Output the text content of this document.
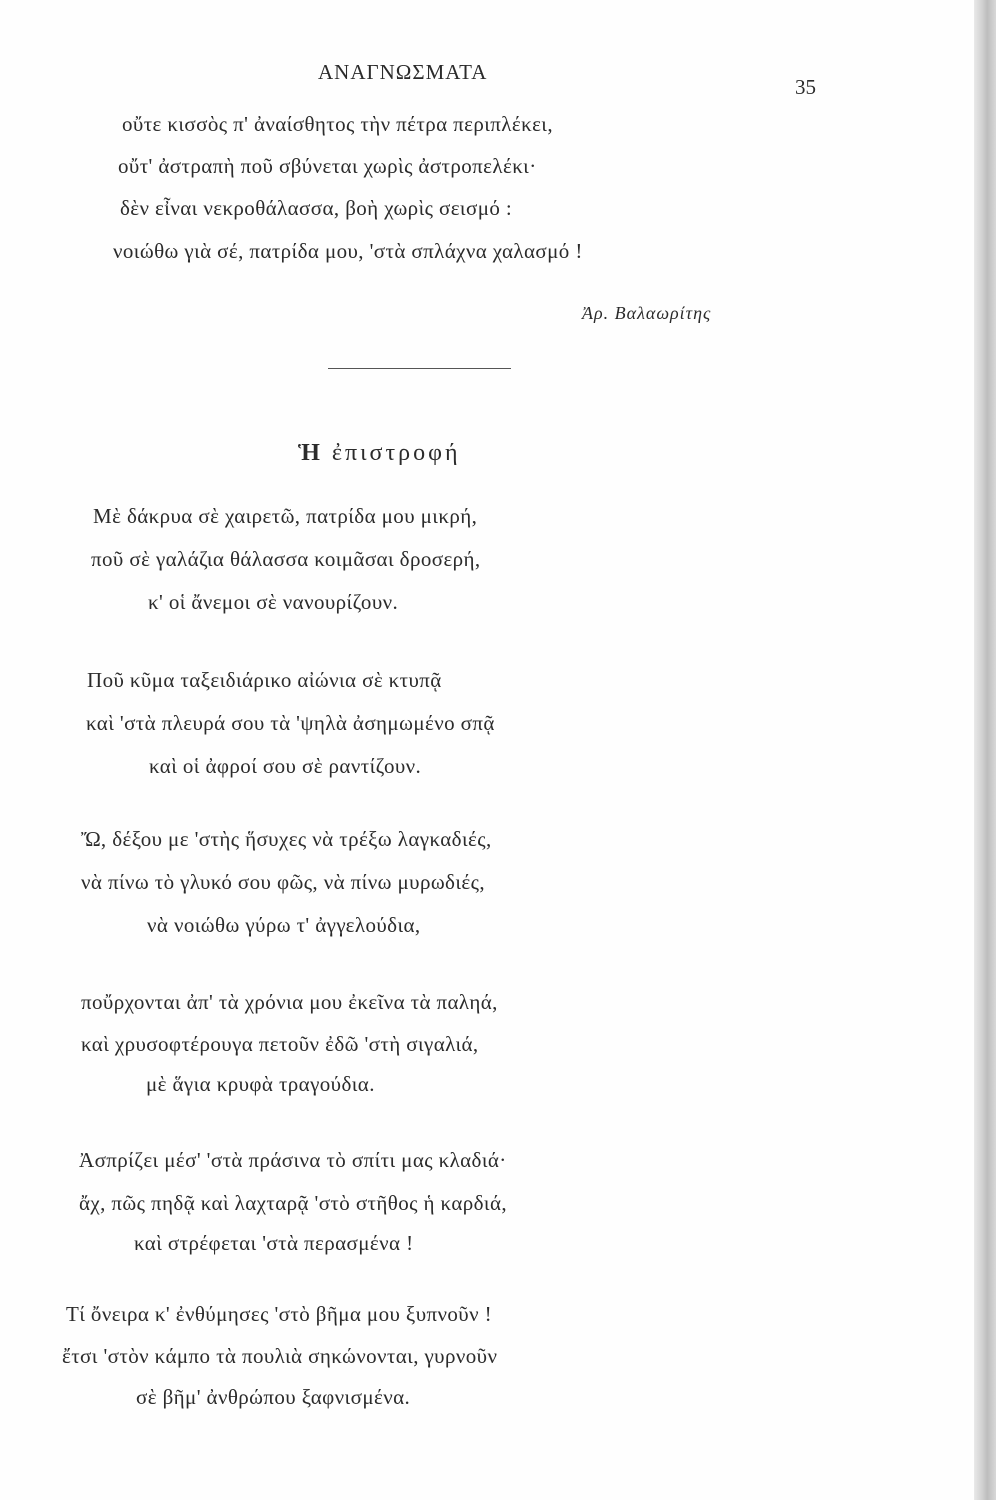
ΑΝΑΓΝΩΣΜΑΤΑ
35
οὔτε κισσὸς π' ἀναίσθητος τὴν πέτρα περιπλέκει,
οὔτ' ἀστραπὴ ποῦ σβύνεται χωρὶς ἀστροπελέκι·
δὲν εἶναι νεκροθάλασσα, βοὴ χωρὶς σεισμό :
νοιώθω γιὰ σέ, πατρίδα μου, 'στὰ σπλάχνα χαλασμό !
Ἀρ. Βαλαωρίτης
Ἡ ἐπιστροφή
Μὲ δάκρυα σὲ χαιρετῶ, πατρίδα μου μικρή,
ποῦ σὲ γαλάζια θάλασσα κοιμᾶσαι δροσερή,
κ' οἱ ἄνεμοι σὲ νανουρίζουν.
Ποῦ κῦμα ταξειδιάρικο αἰώνια σὲ κτυπᾷ
καὶ 'στὰ πλευρά σου τὰ 'ψηλὰ ἀσημωμένο σπᾷ
καὶ οἱ ἀφροί σου σὲ ραντίζουν.
Ὤ, δέξου με 'στὴς ἥσυχες νὰ τρέξω λαγκαδιές,
νὰ πίνω τὸ γλυκό σου φῶς, νὰ πίνω μυρωδιές,
νὰ νοιώθω γύρω τ' ἀγγελούδια,
ποὔρχονται ἀπ' τὰ χρόνια μου ἐκεῖνα τὰ παληά,
καὶ χρυσοφτέρουγα πετοῦν ἐδῶ 'στὴ σιγαλιά,
μὲ ἅγια κρυφὰ τραγούδια.
Ἀσπρίζει μέσ' 'στὰ πράσινα τὸ σπίτι μας κλαδιά·
ἄχ, πῶς πηδᾷ καὶ λαχταρᾷ 'στὸ στῆθος ἡ καρδιά,
καὶ στρέφεται 'στὰ περασμένα !
Τί ὄνειρα κ' ἐνθύμησες 'στὸ βῆμα μου ξυπνοῦν !
ἔτσι 'στὸν κάμπο τὰ πουλιὰ σηκώνονται, γυρνοῦν
σὲ βῆμ' ἀνθρώπου ξαφνισμένα.
